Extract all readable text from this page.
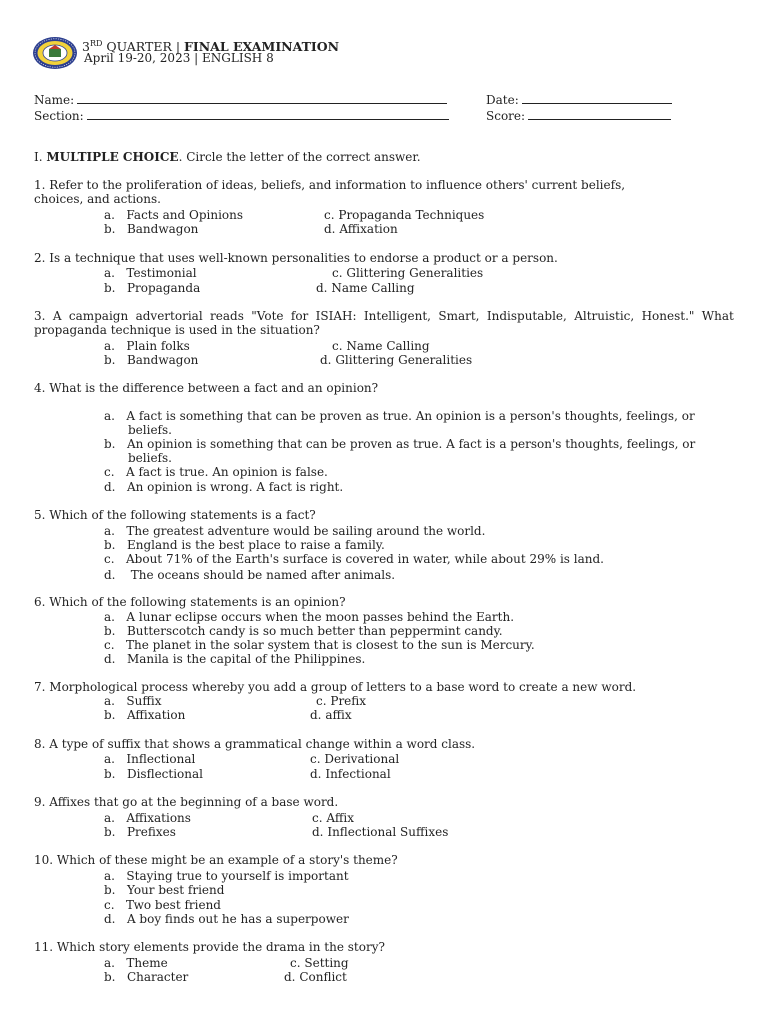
3RD QUARTER | FINAL EXAMINATION
April 19-20, 2023 | ENGLISH 8
Name:	Date:
Section:	Score:
I. MULTIPLE CHOICE. Circle the letter of the correct answer.
1. Refer to the proliferation of ideas, beliefs, and information to influence others' current beliefs,
choices, and actions.
a. Facts and Opinions	c. Propaganda Techniques
b. Bandwagon	d. Affixation
2. Is a technique that uses well-known personalities to endorse a product or a person.
a. Testimonial	c. Glittering Generalities
b. Propaganda	d. Name Calling
3. A campaign advertorial reads "Vote for ISIAH: Intelligent, Smart, Indisputable, Altruistic, Honest." What
propaganda technique is used in the situation?
a. Plain folks	c. Name Calling
b. Bandwagon	d. Glittering Generalities
4. What is the difference between a fact and an opinion?
a. A fact is something that can be proven as true. An opinion is a person's thoughts, feelings, or
beliefs.
b. An opinion is something that can be proven as true. A fact is a person's thoughts, feelings, or
beliefs.
c. A fact is true. An opinion is false.
d. An opinion is wrong. A fact is right.
5. Which of the following statements is a fact?
a. The greatest adventure would be sailing around the world.
b. England is the best place to raise a family.
c. About 71% of the Earth's surface is covered in water, while about 29% is land.
d. The oceans should be named after animals.
6. Which of the following statements is an opinion?
a. A lunar eclipse occurs when the moon passes behind the Earth.
b. Butterscotch candy is so much better than peppermint candy.
c. The planet in the solar system that is closest to the sun is Mercury.
d. Manila is the capital of the Philippines.
7. Morphological process whereby you add a group of letters to a base word to create a new word.
a. Suffix	c. Prefix
b. Affixation	d. affix
8. A type of suffix that shows a grammatical change within a word class.
a. Inflectional	c. Derivational
b. Disflectional	d. Infectional
9. Affixes that go at the beginning of a base word.
a. Affixations	c. Affix
b. Prefixes	d. Inflectional Suffixes
10. Which of these might be an example of a story's theme?
a. Staying true to yourself is important
b. Your best friend
c. Two best friend
d. A boy finds out he has a superpower
11. Which story elements provide the drama in the story?
a. Theme	c. Setting
b. Character	d. Conflict
